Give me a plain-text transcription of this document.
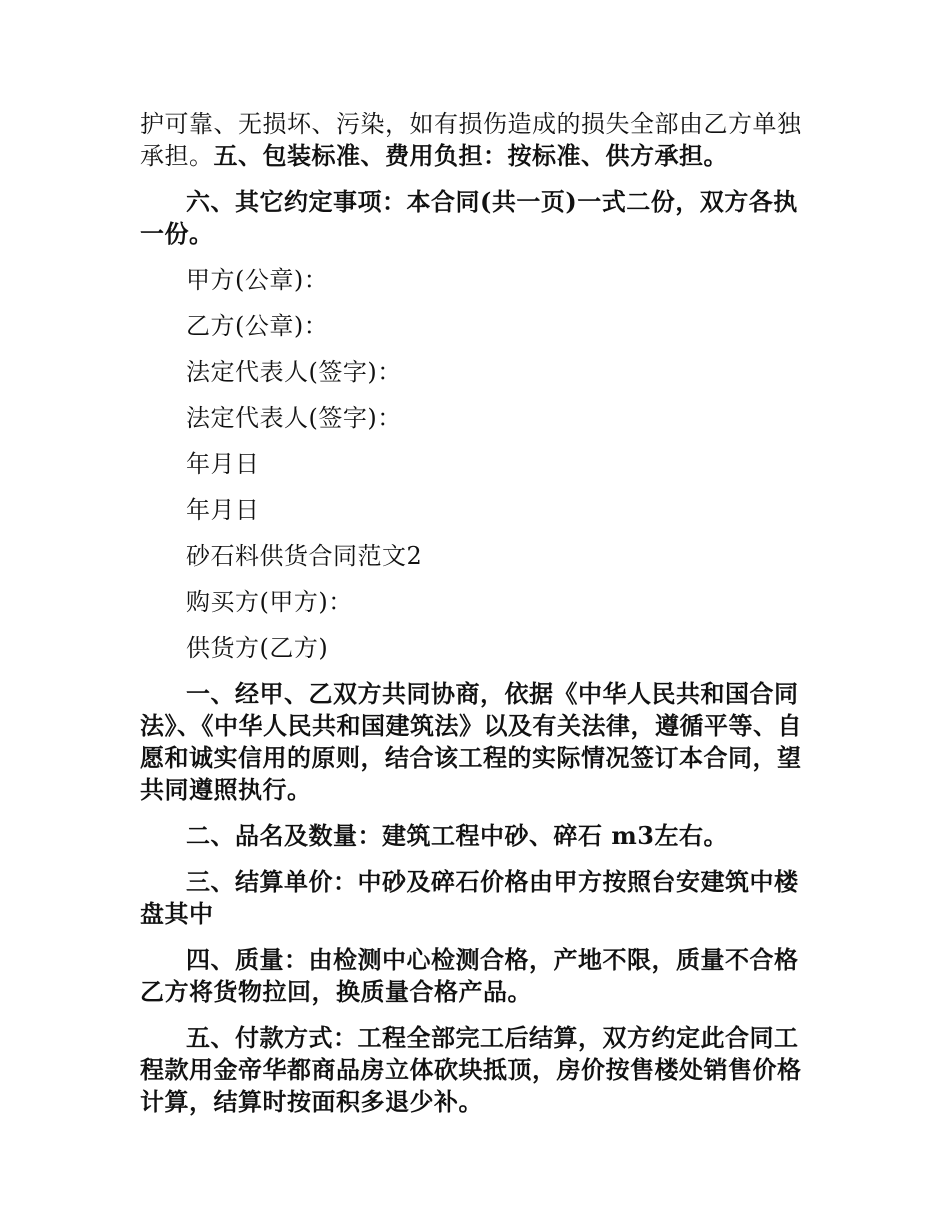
护可靠、无损坏、污染，如有损伤造成的损失全部由乙方单独承担。五、包装标准、费用负担：按标准、供方承担。

六、其它约定事项：本合同(共一页)一式二份，双方各执一份。

甲方(公章)：

乙方(公章)：

法定代表人(签字)：

法定代表人(签字)：

年月日

年月日

砂石料供货合同范文2

购买方(甲方)：

供货方(乙方)

一、经甲、乙双方共同协商，依据《中华人民共和国合同法》、《中华人民共和国建筑法》以及有关法律，遵循平等、自愿和诚实信用的原则，结合该工程的实际情况签订本合同，望共同遵照执行。

二、品名及数量：建筑工程中砂、碎石 m3左右。

三、结算单价：中砂及碎石价格由甲方按照台安建筑中楼盘其中

四、质量：由检测中心检测合格，产地不限，质量不合格乙方将货物拉回，换质量合格产品。

五、付款方式：工程全部完工后结算，双方约定此合同工程款用金帝华都商品房立体砍块抵顶，房价按售楼处销售价格计算，结算时按面积多退少补。
